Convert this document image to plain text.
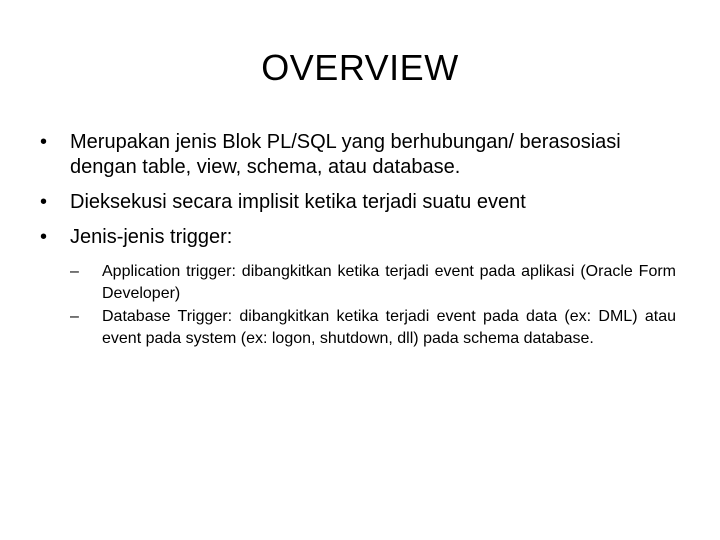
OVERVIEW
•	Merupakan jenis Blok PL/SQL yang berhubungan/ berasosiasi dengan table, view, schema, atau database.
•	Dieksekusi secara implisit ketika terjadi suatu event
•	Jenis-jenis trigger:
–	Application trigger: dibangkitkan ketika terjadi event pada aplikasi (Oracle Form Developer)
–	Database Trigger: dibangkitkan ketika terjadi event pada data (ex: DML) atau event pada system (ex: logon, shutdown, dll) pada schema database.
